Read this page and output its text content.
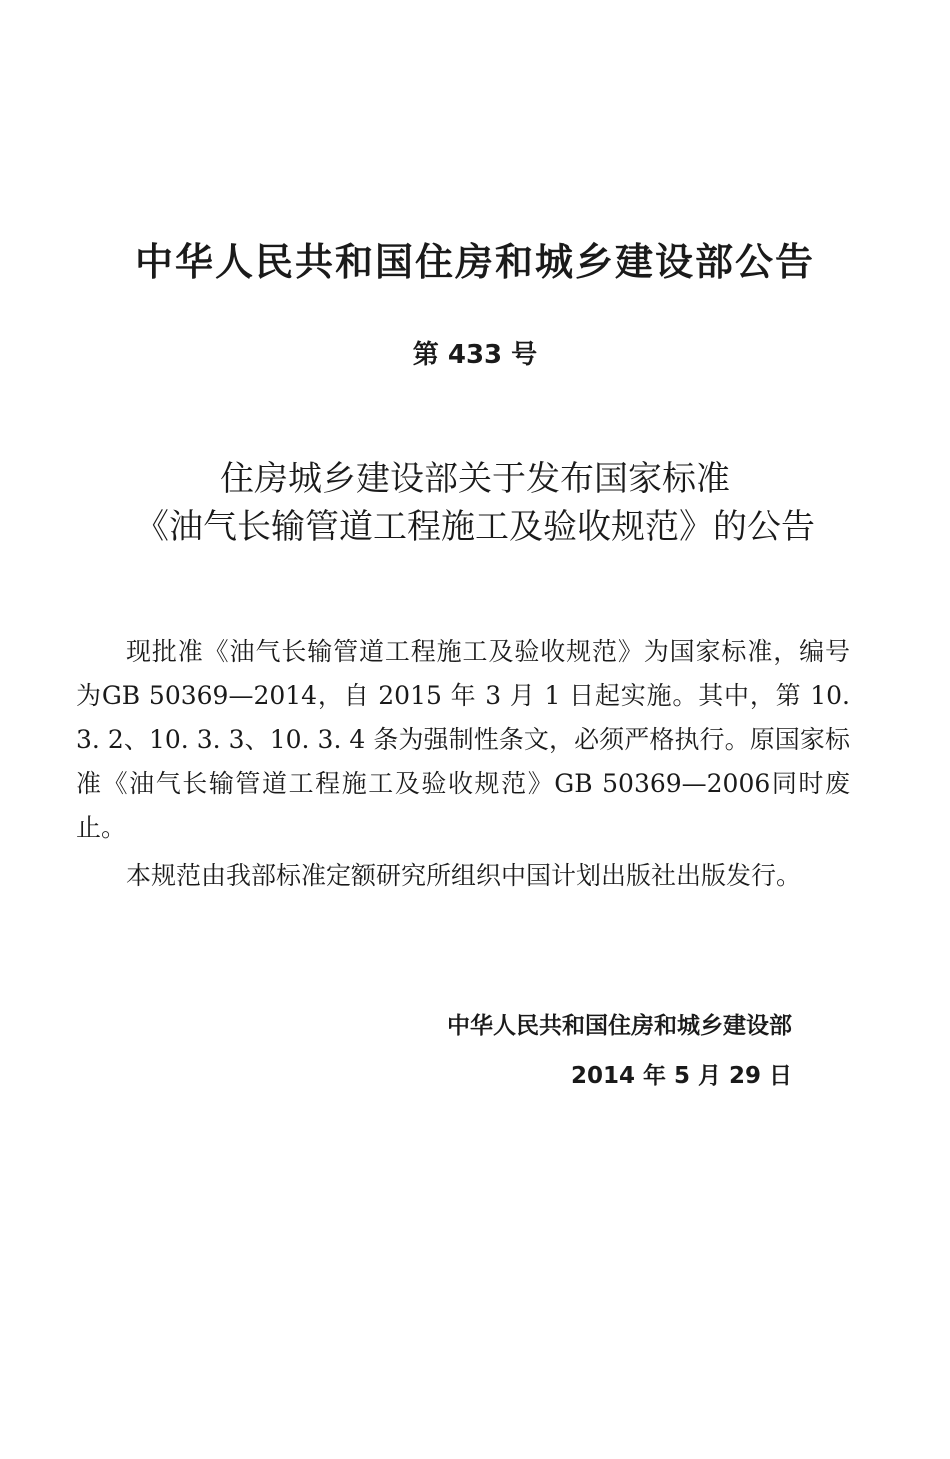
中华人民共和国住房和城乡建设部公告
第 433 号
住房城乡建设部关于发布国家标准
《油气长输管道工程施工及验收规范》的公告

现批准《油气长输管道工程施工及验收规范》为国家标准，编号为GB 50369—2014，自 2015 年 3 月 1 日起实施。其中，第 10. 3. 2、10. 3. 3、10. 3. 4 条为强制性条文，必须严格执行。原国家标准《油气长输管道工程施工及验收规范》GB 50369—2006同时废止。

本规范由我部标准定额研究所组织中国计划出版社出版发行。

中华人民共和国住房和城乡建设部
2014 年 5 月 29 日
